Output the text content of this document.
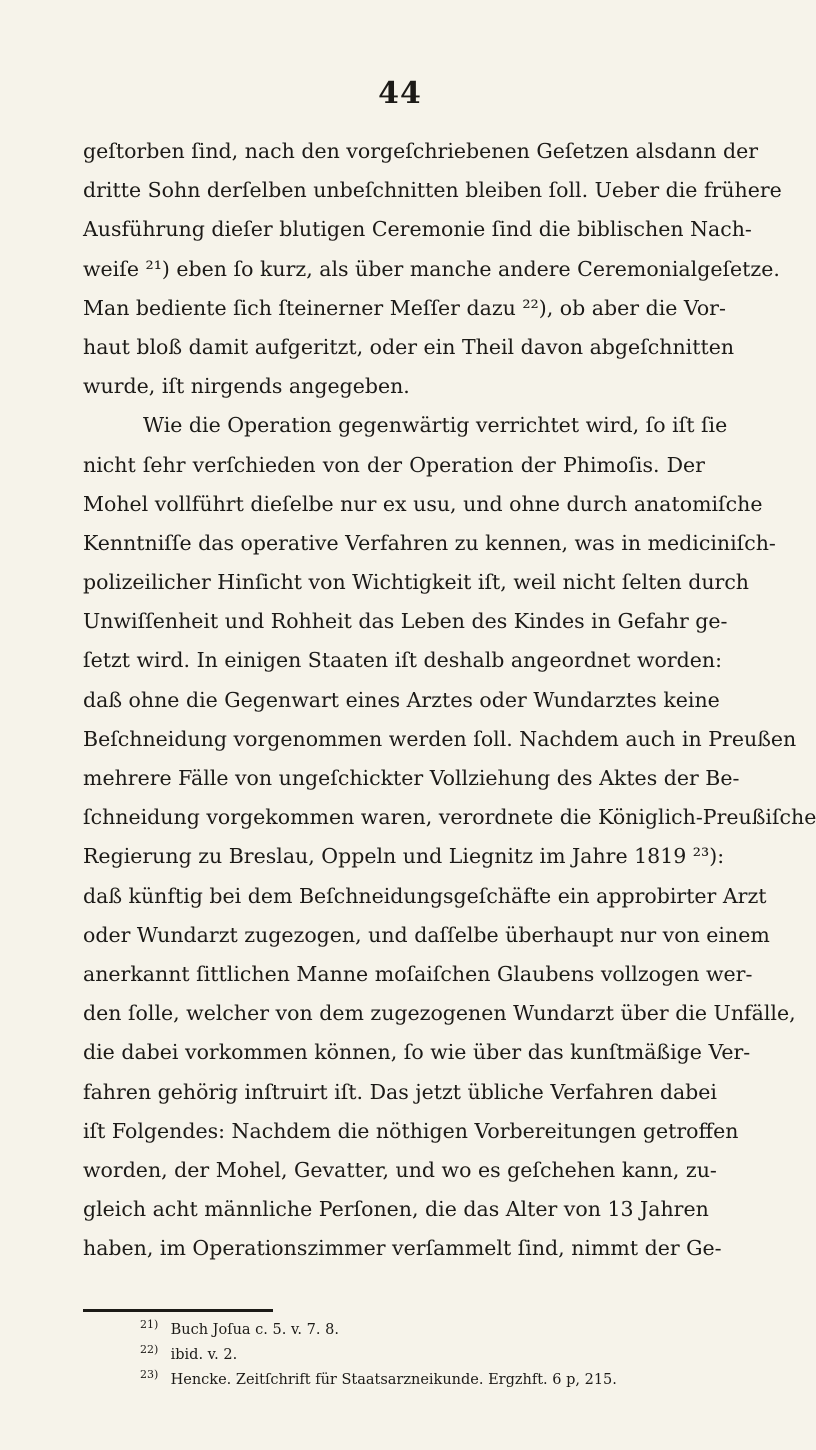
44
geſtorben ſind, nach den vorgeſchriebenen Geſetzen alsdann der
dritte Sohn derſelben unbeſchnitten bleiben ſoll. Ueber die frühere
Ausführung dieſer blutigen Ceremonie ſind die biblischen Nach-
weiſe ²¹) eben ſo kurz, als über manche andere Ceremonialgeſetze.
Man bediente ſich ſteinerner Meſſer dazu ²²), ob aber die Vor-
haut bloß damit aufgeritzt, oder ein Theil davon abgeſchnitten
wurde, iſt nirgends angegeben.
Wie die Operation gegenwärtig verrichtet wird, ſo iſt ſie
nicht ſehr verſchieden von der Operation der Phimoſis. Der
Mohel vollführt dieſelbe nur ex usu, und ohne durch anatomiſche
Kenntniſſe das operative Verfahren zu kennen, was in mediciniſch-
polizeilicher Hinſicht von Wichtigkeit iſt, weil nicht ſelten durch
Unwiſſenheit und Rohheit das Leben des Kindes in Gefahr ge-
ſetzt wird. In einigen Staaten iſt deshalb angeordnet worden:
daß ohne die Gegenwart eines Arztes oder Wundarztes keine
Beſchneidung vorgenommen werden ſoll. Nachdem auch in Preußen
mehrere Fälle von ungeſchickter Vollziehung des Aktes der Be-
ſchneidung vorgekommen waren, verordnete die Königlich-Preußiſche
Regierung zu Breslau, Oppeln und Liegnitz im Jahre 1819 ²³):
daß künftig bei dem Beſchneidungsgeſchäfte ein approbirter Arzt
oder Wundarzt zugezogen, und daſſelbe überhaupt nur von einem
anerkannt ſittlichen Manne moſaiſchen Glaubens vollzogen wer-
den ſolle, welcher von dem zugezogenen Wundarzt über die Unfälle,
die dabei vorkommen können, ſo wie über das kunſtmäßige Ver-
fahren gehörig inſtruirt iſt. Das jetzt übliche Verfahren dabei
iſt Folgendes: Nachdem die nöthigen Vorbereitungen getroffen
worden, der Mohel, Gevatter, und wo es geſchehen kann, zu-
gleich acht männliche Perſonen, die das Alter von 13 Jahren
haben, im Operationszimmer verſammelt ſind, nimmt der Ge-
21) Buch Joſua c. 5. v. 7. 8.
22) ibid. v. 2.
23) Hencke. Zeitſchrift für Staatsarzneikunde. Ergzhft. 6 p, 215.
